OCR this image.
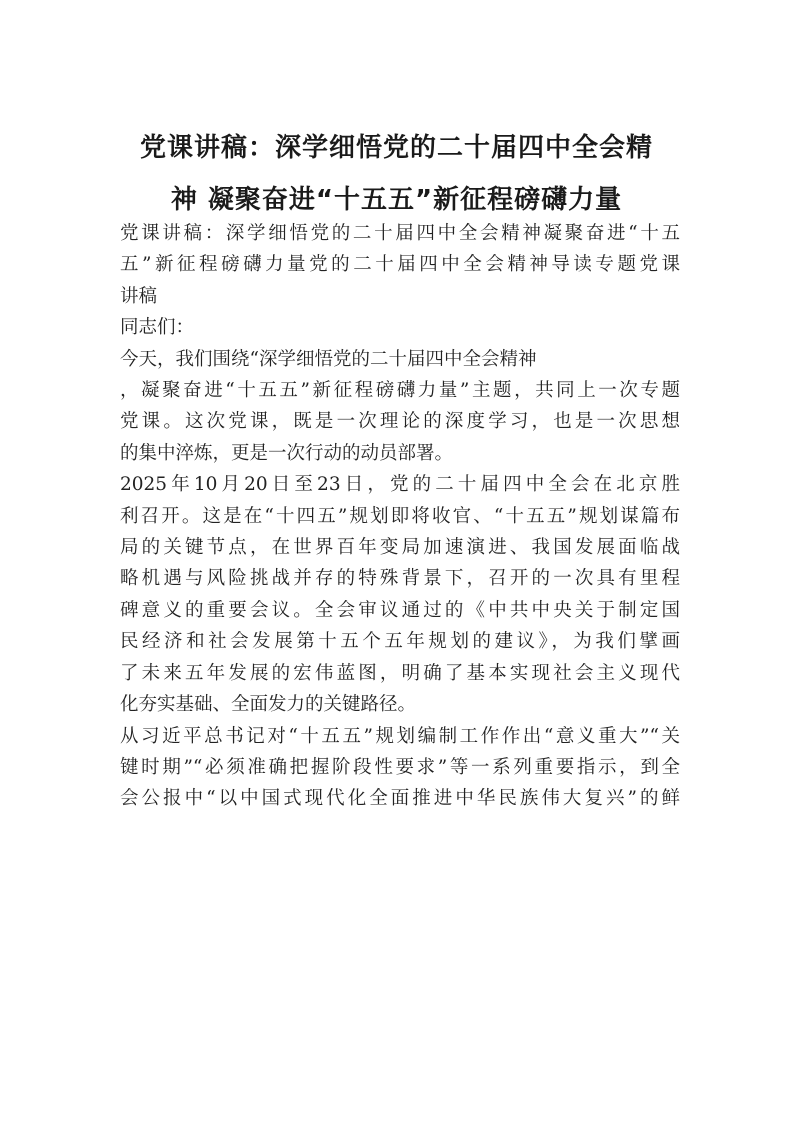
党课讲稿：深学细悟党的二十届四中全会精
神 凝聚奋进“十五五”新征程磅礴力量
党课讲稿：深学细悟党的二十届四中全会精神凝聚奋进“十五
五”新征程磅礴力量党的二十届四中全会精神导读专题党课
讲稿
同志们：
今天，我们围绕“深学细悟党的二十届四中全会精神
，凝聚奋进“十五五”新征程磅礴力量”主题，共同上一次专题
党课。这次党课，既是一次理论的深度学习，也是一次思想
的集中淬炼，更是一次行动的动员部署。
2025年10月20日至23日，党的二十届四中全会在北京胜
利召开。这是在“十四五”规划即将收官、“十五五”规划谋篇布
局的关键节点，在世界百年变局加速演进、我国发展面临战
略机遇与风险挑战并存的特殊背景下，召开的一次具有里程
碑意义的重要会议。全会审议通过的《中共中央关于制定国
民经济和社会发展第十五个五年规划的建议》，为我们擘画
了未来五年发展的宏伟蓝图，明确了基本实现社会主义现代
化夯实基础、全面发力的关键路径。
从习近平总书记对“十五五”规划编制工作作出“意义重大”“关
键时期”“必须准确把握阶段性要求”等一系列重要指示，到全
会公报中“以中国式现代化全面推进中华民族伟大复兴”的鲜
